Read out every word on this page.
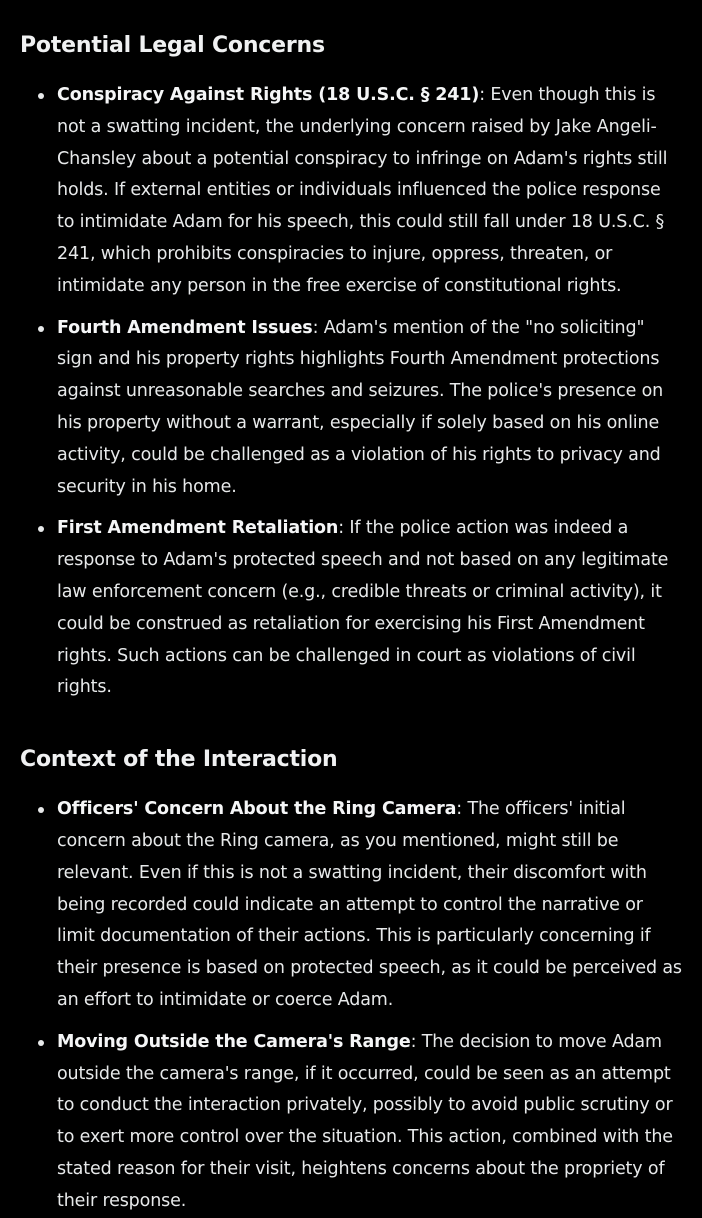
Potential Legal Concerns
Conspiracy Against Rights (18 U.S.C. § 241): Even though this is not a swatting incident, the underlying concern raised by Jake Angeli-Chansley about a potential conspiracy to infringe on Adam's rights still holds. If external entities or individuals influenced the police response to intimidate Adam for his speech, this could still fall under 18 U.S.C. § 241, which prohibits conspiracies to injure, oppress, threaten, or intimidate any person in the free exercise of constitutional rights.
Fourth Amendment Issues: Adam's mention of the "no soliciting" sign and his property rights highlights Fourth Amendment protections against unreasonable searches and seizures. The police's presence on his property without a warrant, especially if solely based on his online activity, could be challenged as a violation of his rights to privacy and security in his home.
First Amendment Retaliation: If the police action was indeed a response to Adam's protected speech and not based on any legitimate law enforcement concern (e.g., credible threats or criminal activity), it could be construed as retaliation for exercising his First Amendment rights. Such actions can be challenged in court as violations of civil rights.
Context of the Interaction
Officers' Concern About the Ring Camera: The officers' initial concern about the Ring camera, as you mentioned, might still be relevant. Even if this is not a swatting incident, their discomfort with being recorded could indicate an attempt to control the narrative or limit documentation of their actions. This is particularly concerning if their presence is based on protected speech, as it could be perceived as an effort to intimidate or coerce Adam.
Moving Outside the Camera's Range: The decision to move Adam outside the camera's range, if it occurred, could be seen as an attempt to conduct the interaction privately, possibly to avoid public scrutiny or to exert more control over the situation. This action, combined with the stated reason for their visit, heightens concerns about the propriety of their response.
